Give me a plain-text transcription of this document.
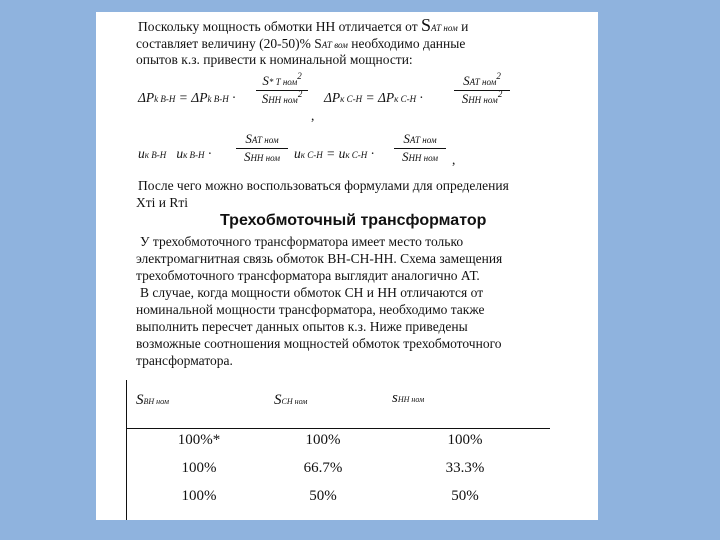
Поскольку мощность обмотки НН отличается от SАТ ном и
составляет величину (20-50)% SАТ вом необходимо данные
опытов к.з. привести к номинальной мощности:
ΔPk В-Н = ΔPk В-Н ·
S* Т ном$^2$
SНН ном$^2$
,
ΔPк С-Н = ΔPк С-Н ·
SАТ ном$^2$
SНН ном$^2$
uк В-Н uк В-Н ·
SАТ ном
SНН ном	uк С-Н = uк С-Н ·
SАТ ном
SНН ном	,
После чего можно воспользоваться формулами для определения
Хтi и Rтi
Трехобмоточный трансформатор
У трехобмоточного трансформатора имеет место только
электромагнитная связь обмоток ВН-СН-НН. Схема замещения
трехобмоточного трансформатора выглядит аналогично АТ.
В случае, когда мощности обмоток СН и НН отличаются от
номинальной мощности трансформатора, необходимо также
выполнить пересчет данных опытов к.з. Ниже приведены
возможные соотношения мощностей обмоток трехобмоточного
трансформатора.
SВН ном	SСН ном	sНН ном
100%*	100%	100%
100%	66.7%	33.3%
100%	50%	50%
